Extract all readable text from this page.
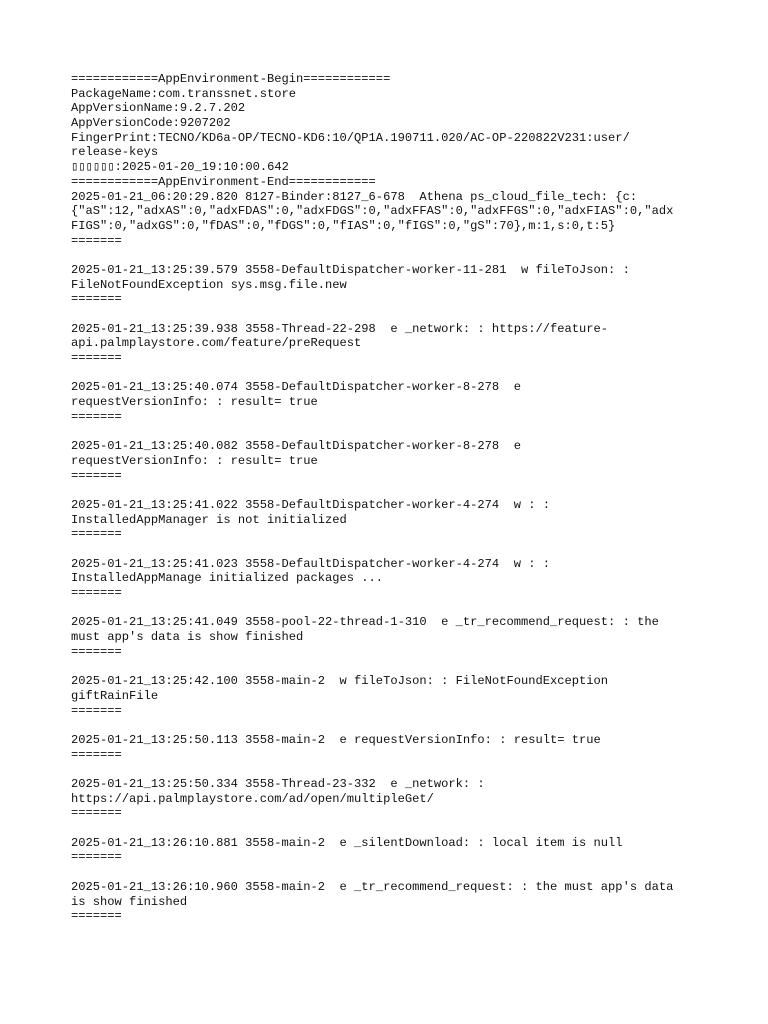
============AppEnvironment-Begin============
PackageName:com.transsnet.store
AppVersionName:9.2.7.202
AppVersionCode:9207202
FingerPrint:TECNO/KD6a-OP/TECNO-KD6:10/QP1A.190711.020/AC-OP-220822V231:user/
release-keys
▯▯▯▯▯▯:2025-01-20_19:10:00.642
============AppEnvironment-End============
2025-01-21_06:20:29.820 8127-Binder:8127_6-678  Athena ps_cloud_file_tech: {c:
{"aS":12,"adxAS":0,"adxFDAS":0,"adxFDGS":0,"adxFFAS":0,"adxFFGS":0,"adxFIAS":0,"adx
FIGS":0,"adxGS":0,"fDAS":0,"fDGS":0,"fIAS":0,"fIGS":0,"gS":70},m:1,s:0,t:5}
=======
2025-01-21_13:25:39.579 3558-DefaultDispatcher-worker-11-281  w fileToJson: :
FileNotFoundException sys.msg.file.new
=======
2025-01-21_13:25:39.938 3558-Thread-22-298  e _network: : https://feature-
api.palmplaystore.com/feature/preRequest
=======
2025-01-21_13:25:40.074 3558-DefaultDispatcher-worker-8-278  e
requestVersionInfo: : result= true
=======
2025-01-21_13:25:40.082 3558-DefaultDispatcher-worker-8-278  e
requestVersionInfo: : result= true
=======
2025-01-21_13:25:41.022 3558-DefaultDispatcher-worker-4-274  w : :
InstalledAppManager is not initialized
=======
2025-01-21_13:25:41.023 3558-DefaultDispatcher-worker-4-274  w : :
InstalledAppManage initialized packages ...
=======
2025-01-21_13:25:41.049 3558-pool-22-thread-1-310  e _tr_recommend_request: : the
must app's data is show finished
=======
2025-01-21_13:25:42.100 3558-main-2  w fileToJson: : FileNotFoundException
giftRainFile
=======
2025-01-21_13:25:50.113 3558-main-2  e requestVersionInfo: : result= true
=======
2025-01-21_13:25:50.334 3558-Thread-23-332  e _network: :
https://api.palmplaystore.com/ad/open/multipleGet/
=======
2025-01-21_13:26:10.881 3558-main-2  e _silentDownload: : local item is null
=======
2025-01-21_13:26:10.960 3558-main-2  e _tr_recommend_request: : the must app's data
is show finished
=======
